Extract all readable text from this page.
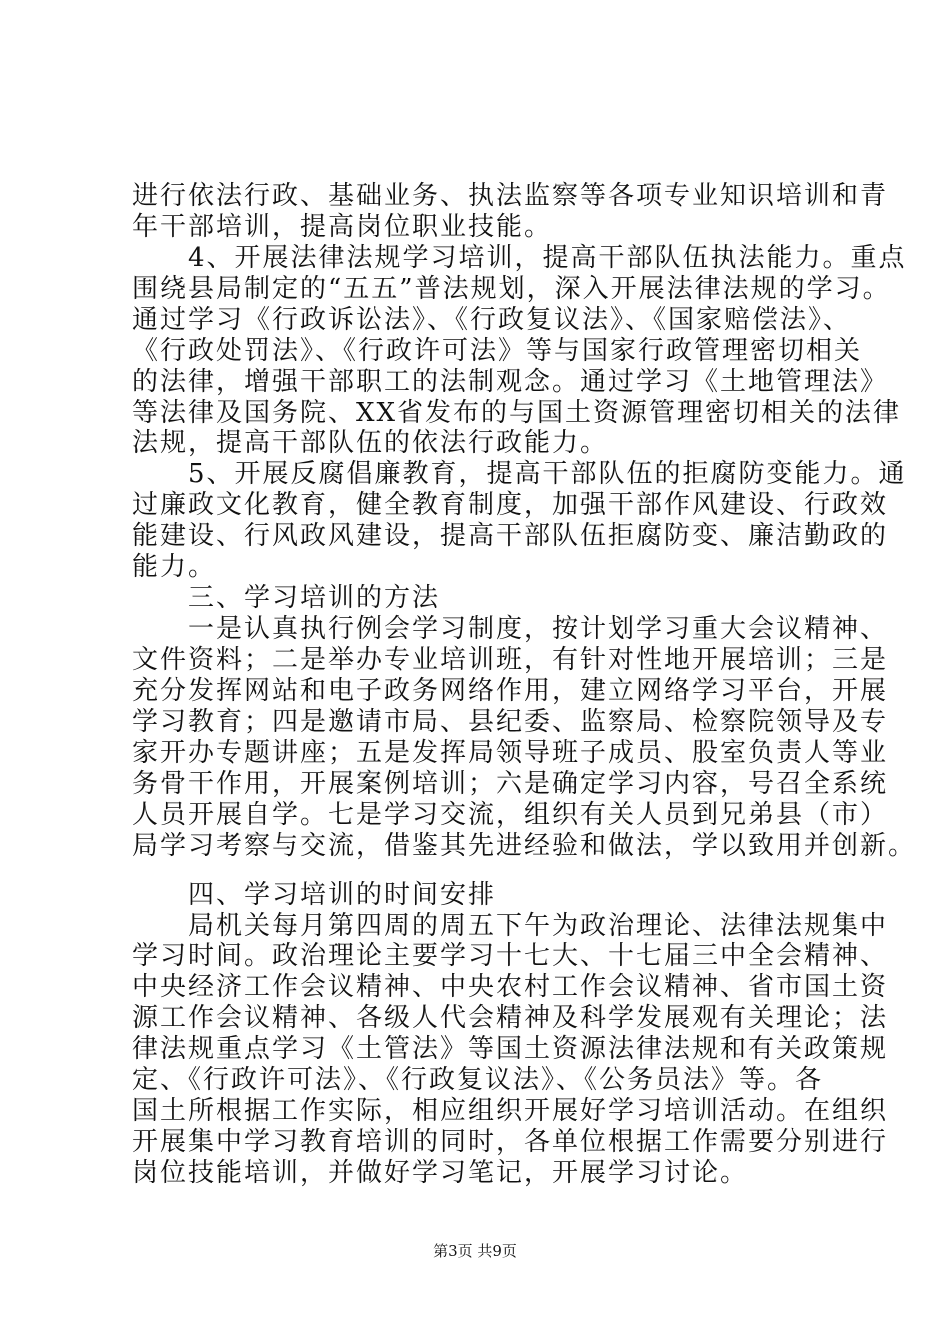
进行依法行政、基础业务、执法监察等各项专业知识培训和青
年干部培训，提高岗位职业技能。
　　4、开展法律法规学习培训，提高干部队伍执法能力。重点
围绕县局制定的“五五”普法规划，深入开展法律法规的学习。
通过学习《行政诉讼法》、《行政复议法》、《国家赔偿法》、
《行政处罚法》、《行政许可法》等与国家行政管理密切相关
的法律，增强干部职工的法制观念。通过学习《土地管理法》
等法律及国务院、XX省发布的与国土资源管理密切相关的法律
法规，提高干部队伍的依法行政能力。
　　5、开展反腐倡廉教育，提高干部队伍的拒腐防变能力。通
过廉政文化教育，健全教育制度，加强干部作风建设、行政效
能建设、行风政风建设，提高干部队伍拒腐防变、廉洁勤政的
能力。
　　三、学习培训的方法
　　一是认真执行例会学习制度，按计划学习重大会议精神、
文件资料；二是举办专业培训班，有针对性地开展培训；三是
充分发挥网站和电子政务网络作用，建立网络学习平台，开展
学习教育；四是邀请市局、县纪委、监察局、检察院领导及专
家开办专题讲座；五是发挥局领导班子成员、股室负责人等业
务骨干作用，开展案例培训；六是确定学习内容，号召全系统
人员开展自学。七是学习交流，组织有关人员到兄弟县（市）
局学习考察与交流，借鉴其先进经验和做法，学以致用并创新。
　　四、学习培训的时间安排
　　局机关每月第四周的周五下午为政治理论、法律法规集中
学习时间。政治理论主要学习十七大、十七届三中全会精神、
中央经济工作会议精神、中央农村工作会议精神、省市国土资
源工作会议精神、各级人代会精神及科学发展观有关理论；法
律法规重点学习《土管法》等国土资源法律法规和有关政策规
定、《行政许可法》、《行政复议法》、《公务员法》等。各
国土所根据工作实际，相应组织开展好学习培训活动。在组织
开展集中学习教育培训的同时，各单位根据工作需要分别进行
岗位技能培训，并做好学习笔记，开展学习讨论。
第3页 共9页
